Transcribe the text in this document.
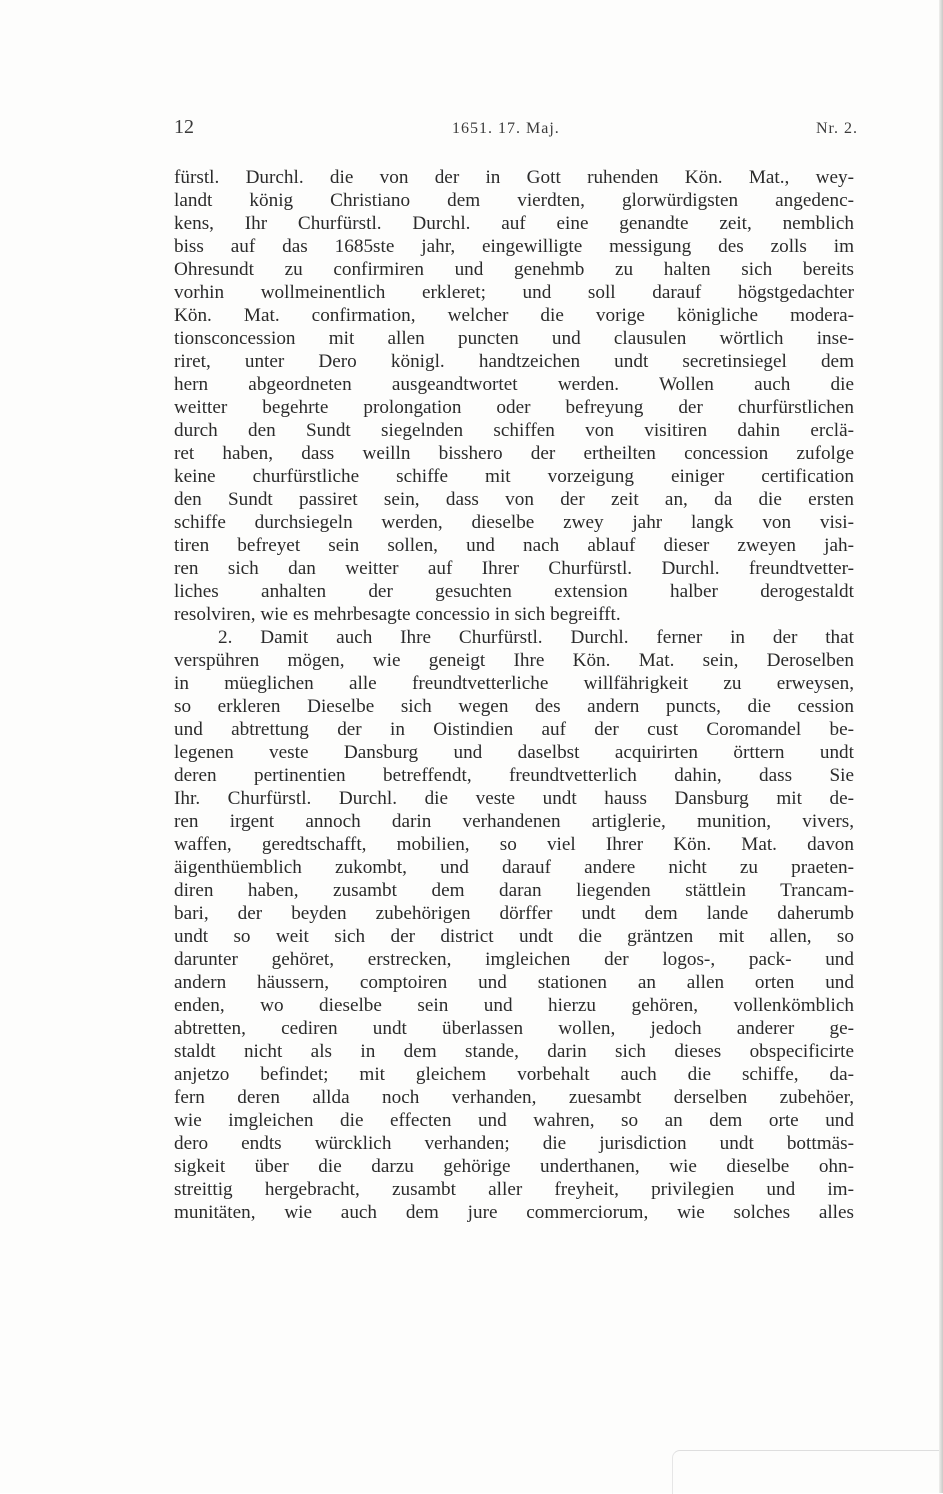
12	1651. 17. Maj.	Nr. 2.
fürstl. Durchl. die von der in Gott ruhenden Kön. Mat., wey-
landt könig Christiano dem vierdten, glorwürdigsten angedenc-
kens, Ihr Churfürstl. Durchl. auf eine genandte zeit, nemblich
biss auf das 1685ste jahr, eingewilligte messigung des zolls im
Ohresundt zu confirmiren und genehmb zu halten sich bereits
vorhin wollmeinentlich erkleret; und soll darauf högstgedachter
Kön. Mat. confirmation, welcher die vorige königliche modera-
tionsconcession mit allen puncten und clausulen wörtlich inse-
riret, unter Dero königl. handtzeichen undt secretinsiegel dem
hern abgeordneten ausgeandtwortet werden. Wollen auch die
weitter begehrte prolongation oder befreyung der churfürstlichen
durch den Sundt siegelnden schiffen von visitiren dahin erclä-
ret haben, dass weilln bisshero der ertheilten concession zufolge
keine churfürstliche schiffe mit vorzeigung einiger certification
den Sundt passiret sein, dass von der zeit an, da die ersten
schiffe durchsiegeln werden, dieselbe zwey jahr langk von visi-
tiren befreyet sein sollen, und nach ablauf dieser zweyen jah-
ren sich dan weitter auf Ihrer Churfürstl. Durchl. freundtvetter-
liches anhalten der gesuchten extension halber derogestaldt
resolviren, wie es mehrbesagte concessio in sich begreifft.
2. Damit auch Ihre Churfürstl. Durchl. ferner in der that
verspühren mögen, wie geneigt Ihre Kön. Mat. sein, Deroselben
in müeglichen alle freundtvetterliche willfährigkeit zu erweysen,
so erkleren Dieselbe sich wegen des andern puncts, die cession
und abtrettung der in Oistindien auf der cust Coromandel be-
legenen veste Dansburg und daselbst acquirirten örttern undt
deren pertinentien betreffendt, freundtvetterlich dahin, dass Sie
Ihr. Churfürstl. Durchl. die veste undt hauss Dansburg mit de-
ren irgent annoch darin verhandenen artiglerie, munition, vivers,
waffen, geredtschafft, mobilien, so viel Ihrer Kön. Mat. davon
äigenthüemblich zukombt, und darauf andere nicht zu praeten-
diren haben, zusambt dem daran liegenden stättlein Trancam-
bari, der beyden zubehörigen dörffer undt dem lande daherumb
undt so weit sich der district undt die gräntzen mit allen, so
darunter gehöret, erstrecken, imgleichen der logos-, pack- und
andern häussern, comptoiren und stationen an allen orten und
enden, wo dieselbe sein und hierzu gehören, vollenkömblich
abtretten, cediren undt überlassen wollen, jedoch anderer ge-
staldt nicht als in dem stande, darin sich dieses obspecificirte
anjetzo befindet; mit gleichem vorbehalt auch die schiffe, da-
fern deren allda noch verhanden, zuesambt derselben zubehöer,
wie imgleichen die effecten und wahren, so an dem orte und
dero endts würcklich verhanden; die jurisdiction undt bottmäs-
sigkeit über die darzu gehörige underthanen, wie dieselbe ohn-
streittig hergebracht, zusambt aller freyheit, privilegien und im-
munitäten, wie auch dem jure commerciorum, wie solches alles
